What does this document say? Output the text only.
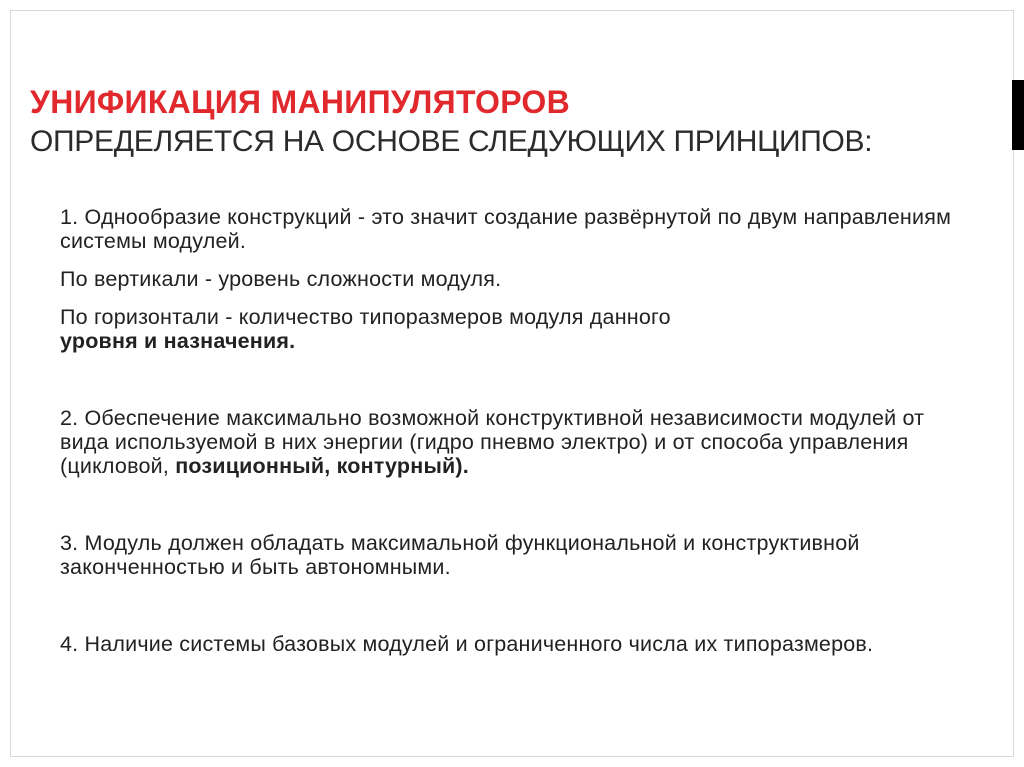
УНИФИКАЦИЯ МАНИПУЛЯТОРОВ
ОПРЕДЕЛЯЕТСЯ НА ОСНОВЕ СЛЕДУЮЩИХ ПРИНЦИПОВ:

1. Однообразие конструкций - это значит создание развёрнутой по двум направлениям системы модулей.

По вертикали - уровень сложности модуля.

По горизонтали - количество типоразмеров модуля данного
уровня и назначения.

2. Обеспечение максимально возможной конструктивной независимости модулей от вида используемой в них энергии (гидро пневмо электро) и от способа управления (цикловой, позиционный, контурный).

3. Модуль должен обладать максимальной функциональной и конструктивной законченностью и быть автономными.

4. Наличие системы базовых модулей и ограниченного числа их типоразмеров.
